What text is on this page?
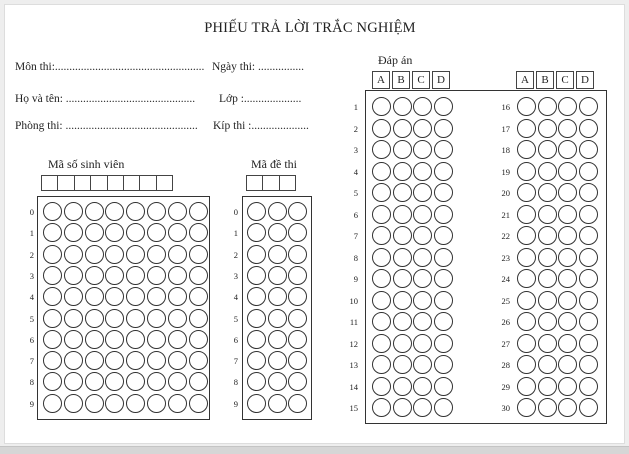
PHIẾU TRẢ LỜI TRẮC NGHIỆM
Môn thi:.................................................... Ngày thi: ................
Họ và tên: ............................................. Lớp :....................
Phòng thi: .............................................. Kíp thi :....................
Mã số sinh viên
0
1
2
3
4
5
6
7
8
9
Mã đề thi
0
1
2
3
4
5
6
7
8
9
Đáp án
A	B	C	D	A	B	C	D
1
2
3
4
5
6
7
8
9
10
11
12
13
14
15
16
17
18
19
20
21
22
23
24
25
26
27
28
29
30
